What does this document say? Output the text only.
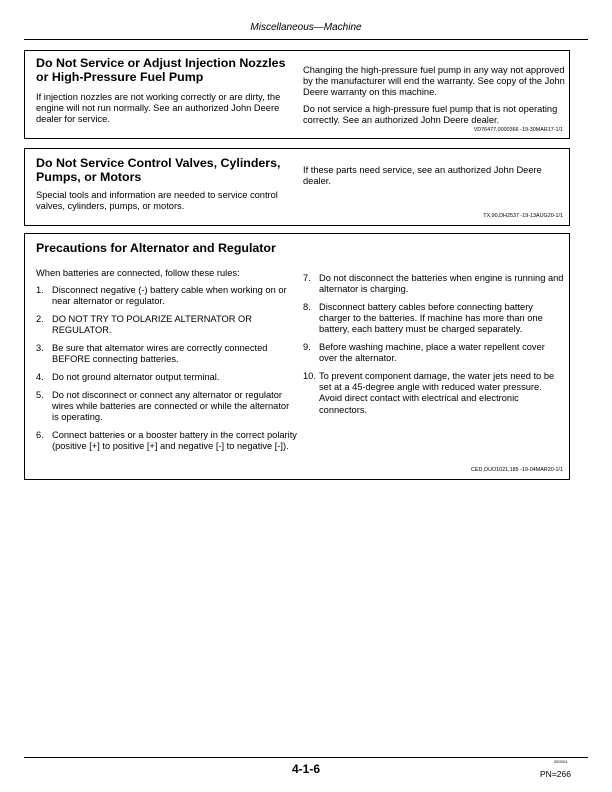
Miscellaneous—Machine
Do Not Service or Adjust Injection Nozzles or High-Pressure Fuel Pump

If injection nozzles are not working correctly or are dirty, the engine will not run normally. See an authorized John Deere dealer for service.

Changing the high-pressure fuel pump in any way not approved by the manufacturer will end the warranty. See copy of the John Deere warranty on this machine.

Do not service a high-pressure fuel pump that is not operating correctly. See an authorized John Deere dealer.

VD76477,0000366 -19-30MAR17-1/1
Do Not Service Control Valves, Cylinders, Pumps, or Motors

Special tools and information are needed to service control valves, cylinders, pumps, or motors.

If these parts need service, see an authorized John Deere dealer.

TX,90,DH2537 -19-13AUG20-1/1
Precautions for Alternator and Regulator

When batteries are connected, follow these rules:

1. Disconnect negative (-) battery cable when working on or near alternator or regulator.
2. DO NOT TRY TO POLARIZE ALTERNATOR OR REGULATOR.
3. Be sure that alternator wires are correctly connected BEFORE connecting batteries.
4. Do not ground alternator output terminal.
5. Do not disconnect or connect any alternator or regulator wires while batteries are connected or while the alternator is operating.
6. Connect batteries or a booster battery in the correct polarity (positive [+] to positive [+] and negative [-] to negative [-]).
7. Do not disconnect the batteries when engine is running and alternator is charging.
8. Disconnect battery cables before connecting battery charger to the batteries. If machine has more than one battery, each battery must be charged separately.
9. Before washing machine, place a water repellent cover over the alternator.
10. To prevent component damage, the water jets need to be set at a 45-degree angle with reduced water pressure. Avoid direct contact with electrical and electronic connectors.
CED,OUO1021,185 -19-04MAR20-1/1
4-1-6
050324
PN=266
